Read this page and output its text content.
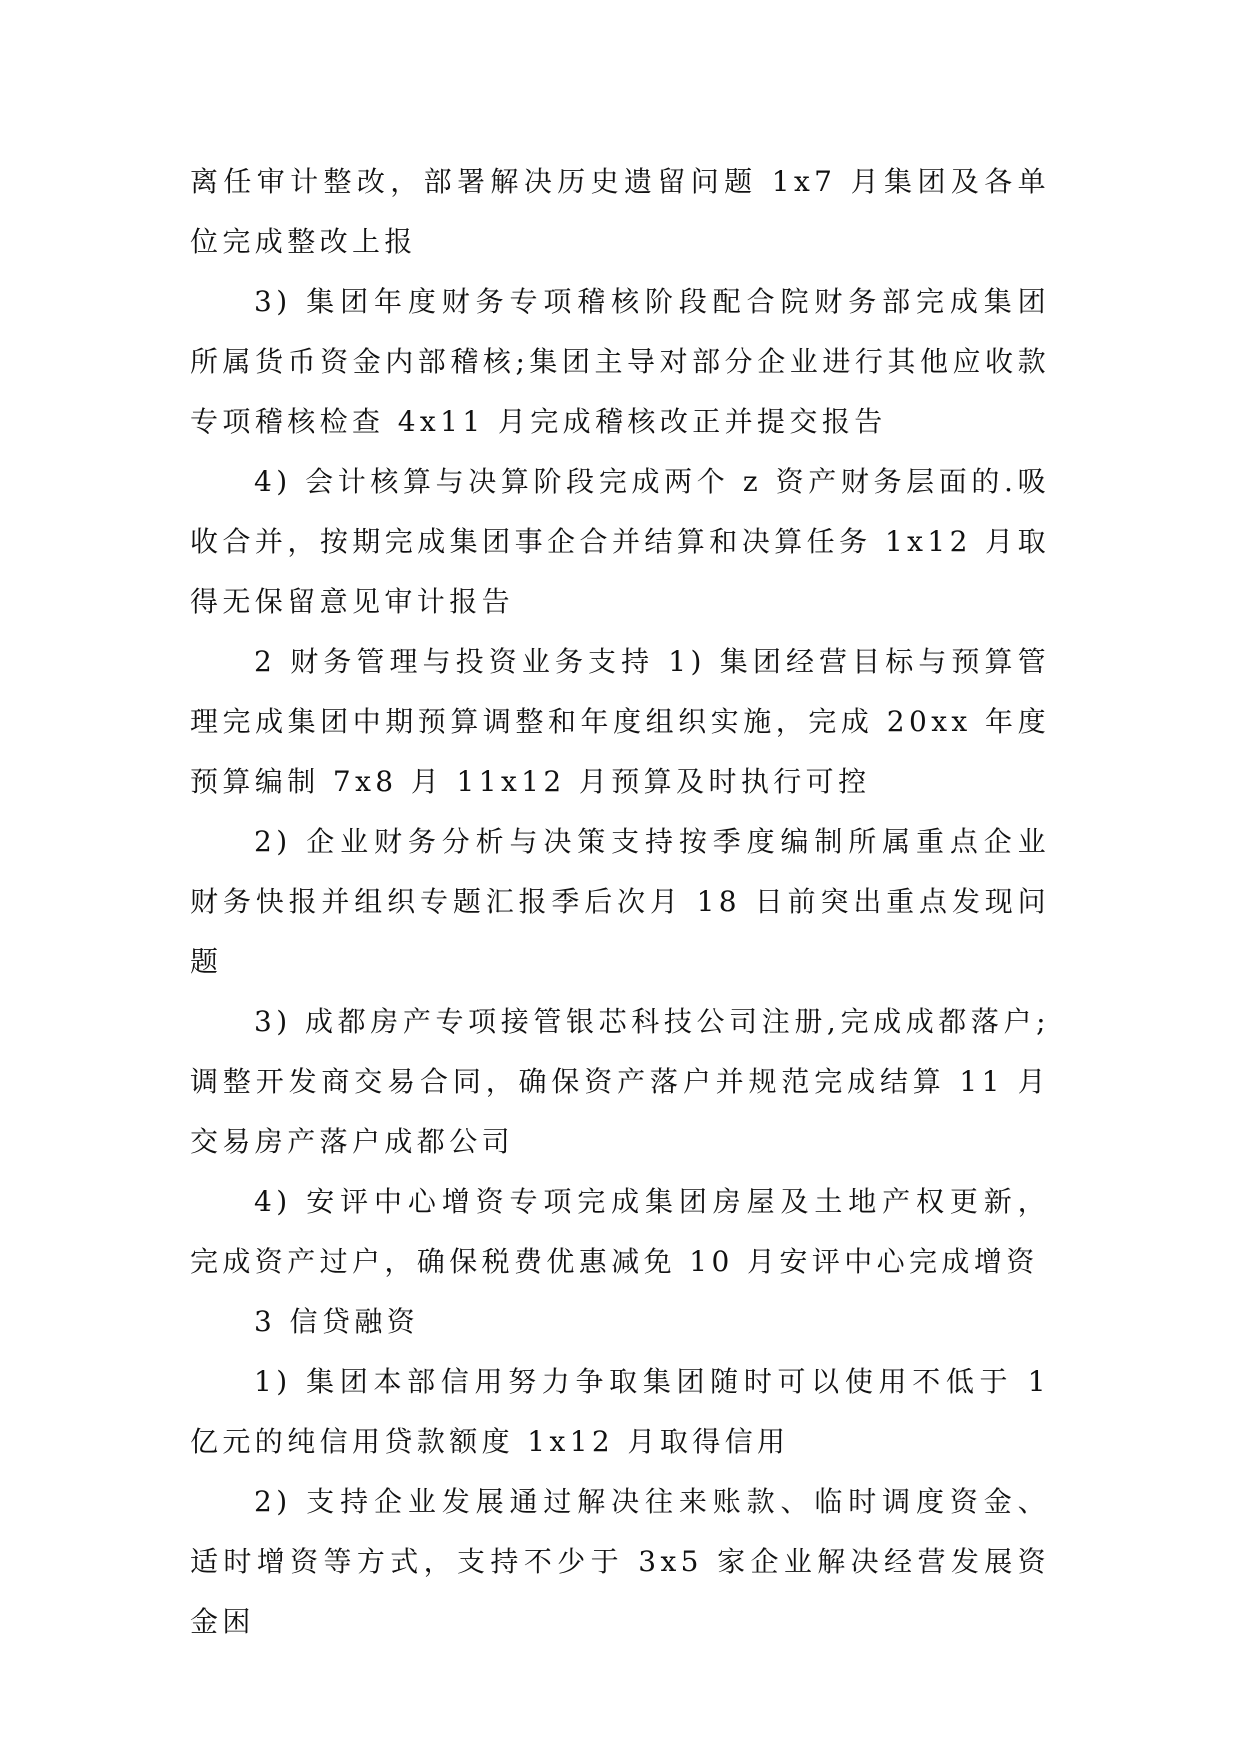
离任审计整改，部署解决历史遗留问题 1x7 月集团及各单位完成整改上报

3) 集团年度财务专项稽核阶段配合院财务部完成集团所属货币资金内部稽核;集团主导对部分企业进行其他应收款专项稽核检查 4x11 月完成稽核改正并提交报告

4) 会计核算与决算阶段完成两个 z 资产财务层面的.吸收合并，按期完成集团事企合并结算和决算任务 1x12 月取得无保留意见审计报告

2 财务管理与投资业务支持 1) 集团经营目标与预算管理完成集团中期预算调整和年度组织实施，完成 20xx 年度预算编制 7x8 月 11x12 月预算及时执行可控

2) 企业财务分析与决策支持按季度编制所属重点企业财务快报并组织专题汇报季后次月 18 日前突出重点发现问题

3) 成都房产专项接管银芯科技公司注册,完成成都落户;调整开发商交易合同，确保资产落户并规范完成结算 11 月交易房产落户成都公司

4) 安评中心增资专项完成集团房屋及土地产权更新，完成资产过户，确保税费优惠减免 10 月安评中心完成增资

3 信贷融资

1) 集团本部信用努力争取集团随时可以使用不低于 1 亿元的纯信用贷款额度 1x12 月取得信用

2) 支持企业发展通过解决往来账款、临时调度资金、适时增资等方式，支持不少于 3x5 家企业解决经营发展资金困
